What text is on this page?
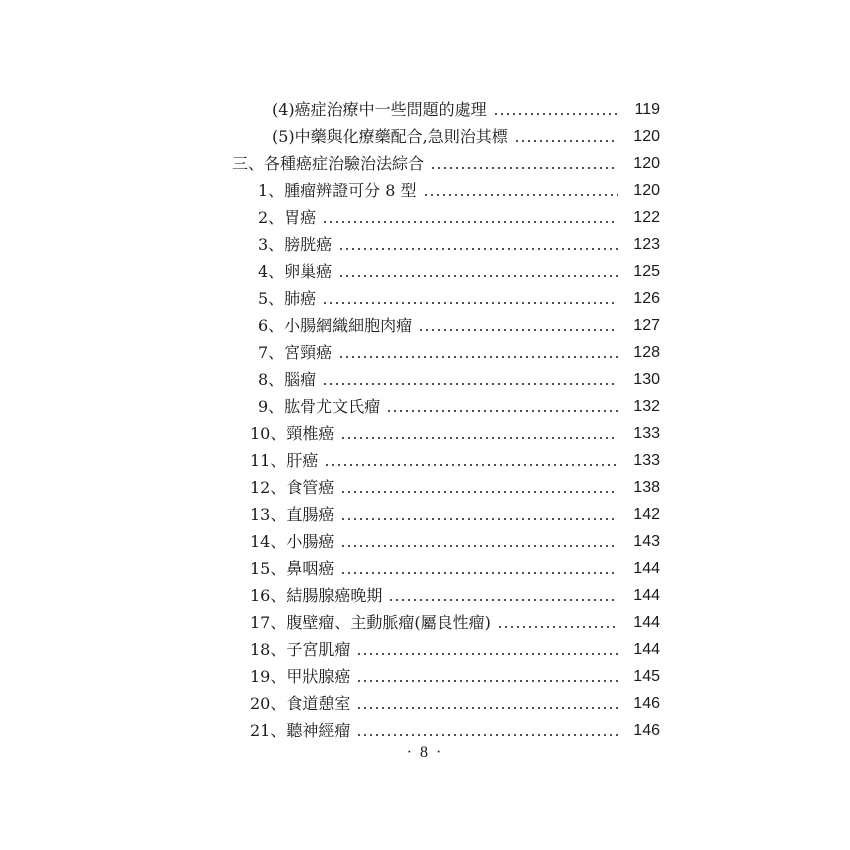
(4)癌症治療中一些問題的處理	119
(5)中藥與化療藥配合,急則治其標	120
三、各種癌症治驗治法綜合	120
1、腫瘤辨證可分 8 型	120
2、胃癌	122
3、膀胱癌	123
4、卵巢癌	125
5、肺癌	126
6、小腸網織細胞肉瘤	127
7、宮頸癌	128
8、腦瘤	130
9、肱骨尤文氏瘤	132
10、頸椎癌	133
11、肝癌	133
12、食管癌	138
13、直腸癌	142
14、小腸癌	143
15、鼻咽癌	144
16、結腸腺癌晚期	144
17、腹壁瘤、主動脈瘤(屬良性瘤)	144
18、子宮肌瘤	144
19、甲狀腺癌	145
20、食道憩室	146
21、聽神經瘤	146
· 8 ·
